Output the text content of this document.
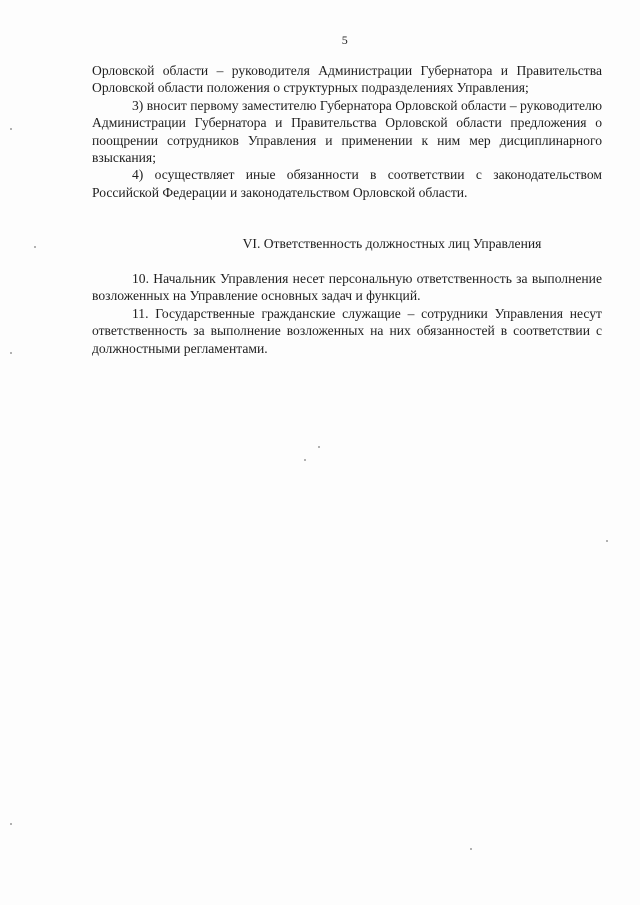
5

Орловской области – руководителя Администрации Губернатора и Правительства Орловской области положения о структурных подразделениях Управления;

3) вносит первому заместителю Губернатора Орловской области – руководителю Администрации Губернатора и Правительства Орловской области предложения о поощрении сотрудников Управления и применении к ним мер дисциплинарного взыскания;

4) осуществляет иные обязанности в соответствии с законодательством Российской Федерации и законодательством Орловской области.

VI. Ответственность должностных лиц Управления

10. Начальник Управления несет персональную ответственность за выполнение возложенных на Управление основных задач и функций.

11. Государственные гражданские служащие – сотрудники Управления несут ответственность за выполнение возложенных на них обязанностей в соответствии с должностными регламентами.
